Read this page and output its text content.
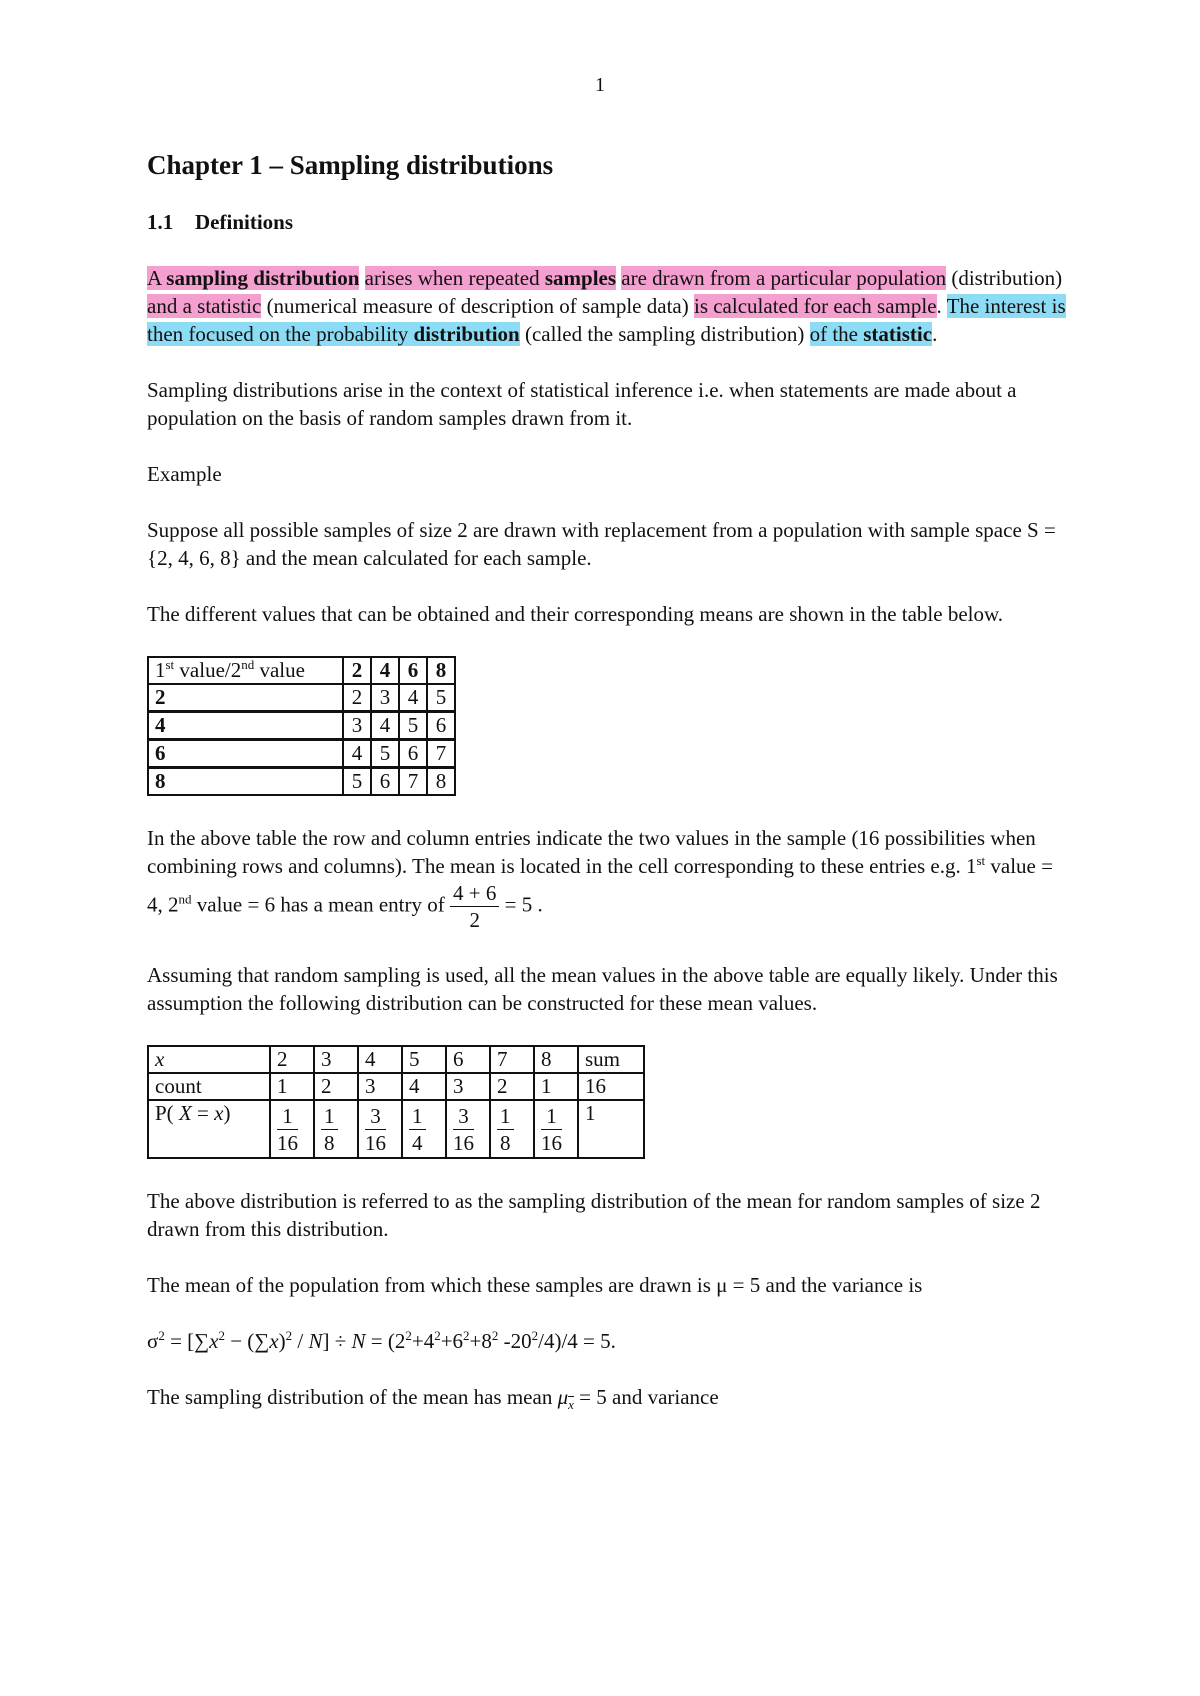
1
Chapter 1 – Sampling distributions
1.1 Definitions

A sampling distribution arises when repeated samples are drawn from a particular population (distribution) and a statistic (numerical measure of description of sample data) is calculated for each sample. The interest is then focused on the probability distribution (called the sampling distribution) of the statistic.

Sampling distributions arise in the context of statistical inference i.e. when statements are made about a population on the basis of random samples drawn from it.

Example

Suppose all possible samples of size 2 are drawn with replacement from a population with sample space S = {2, 4, 6, 8} and the mean calculated for each sample.

The different values that can be obtained and their corresponding means are shown in the table below.

1st value/2nd value	2	4	6	8
2	2	3	4	5
4	3	4	5	6
6	4	5	6	7
8	5	6	7	8

In the above table the row and column entries indicate the two values in the sample (16 possibilities when combining rows and columns). The mean is located in the cell corresponding to these entries e.g. 1st value = 4, 2nd value = 6 has a mean entry of $\frac{4 + 6}{2} = 5$ .

Assuming that random sampling is used, all the mean values in the above table are equally likely. Under this assumption the following distribution can be constructed for these mean values.

$\overline{x}$	2	3	4	5	6	7	8	sum
count	1	2	3	4	3	2	1	16
P( $\overline{X} = \overline{x}$)	$\frac{1}{16}$	$\frac{1}{8}$	$\frac{3}{16}$	$\frac{1}{4}$	$\frac{3}{16}$	$\frac{1}{8}$	$\frac{1}{16}$	1

The above distribution is referred to as the sampling distribution of the mean for random samples of size 2 drawn from this distribution.

The mean of the population from which these samples are drawn is μ = 5 and the variance is

$\sigma^2 = [\sum x^2 - (\sum x)^2 / N] \div N = (2^2+4^2+6^2+8^2$ $-20^2/4)/4 = 5$.

The sampling distribution of the mean has mean $\mu_{\overline{x}} = 5$ and variance
